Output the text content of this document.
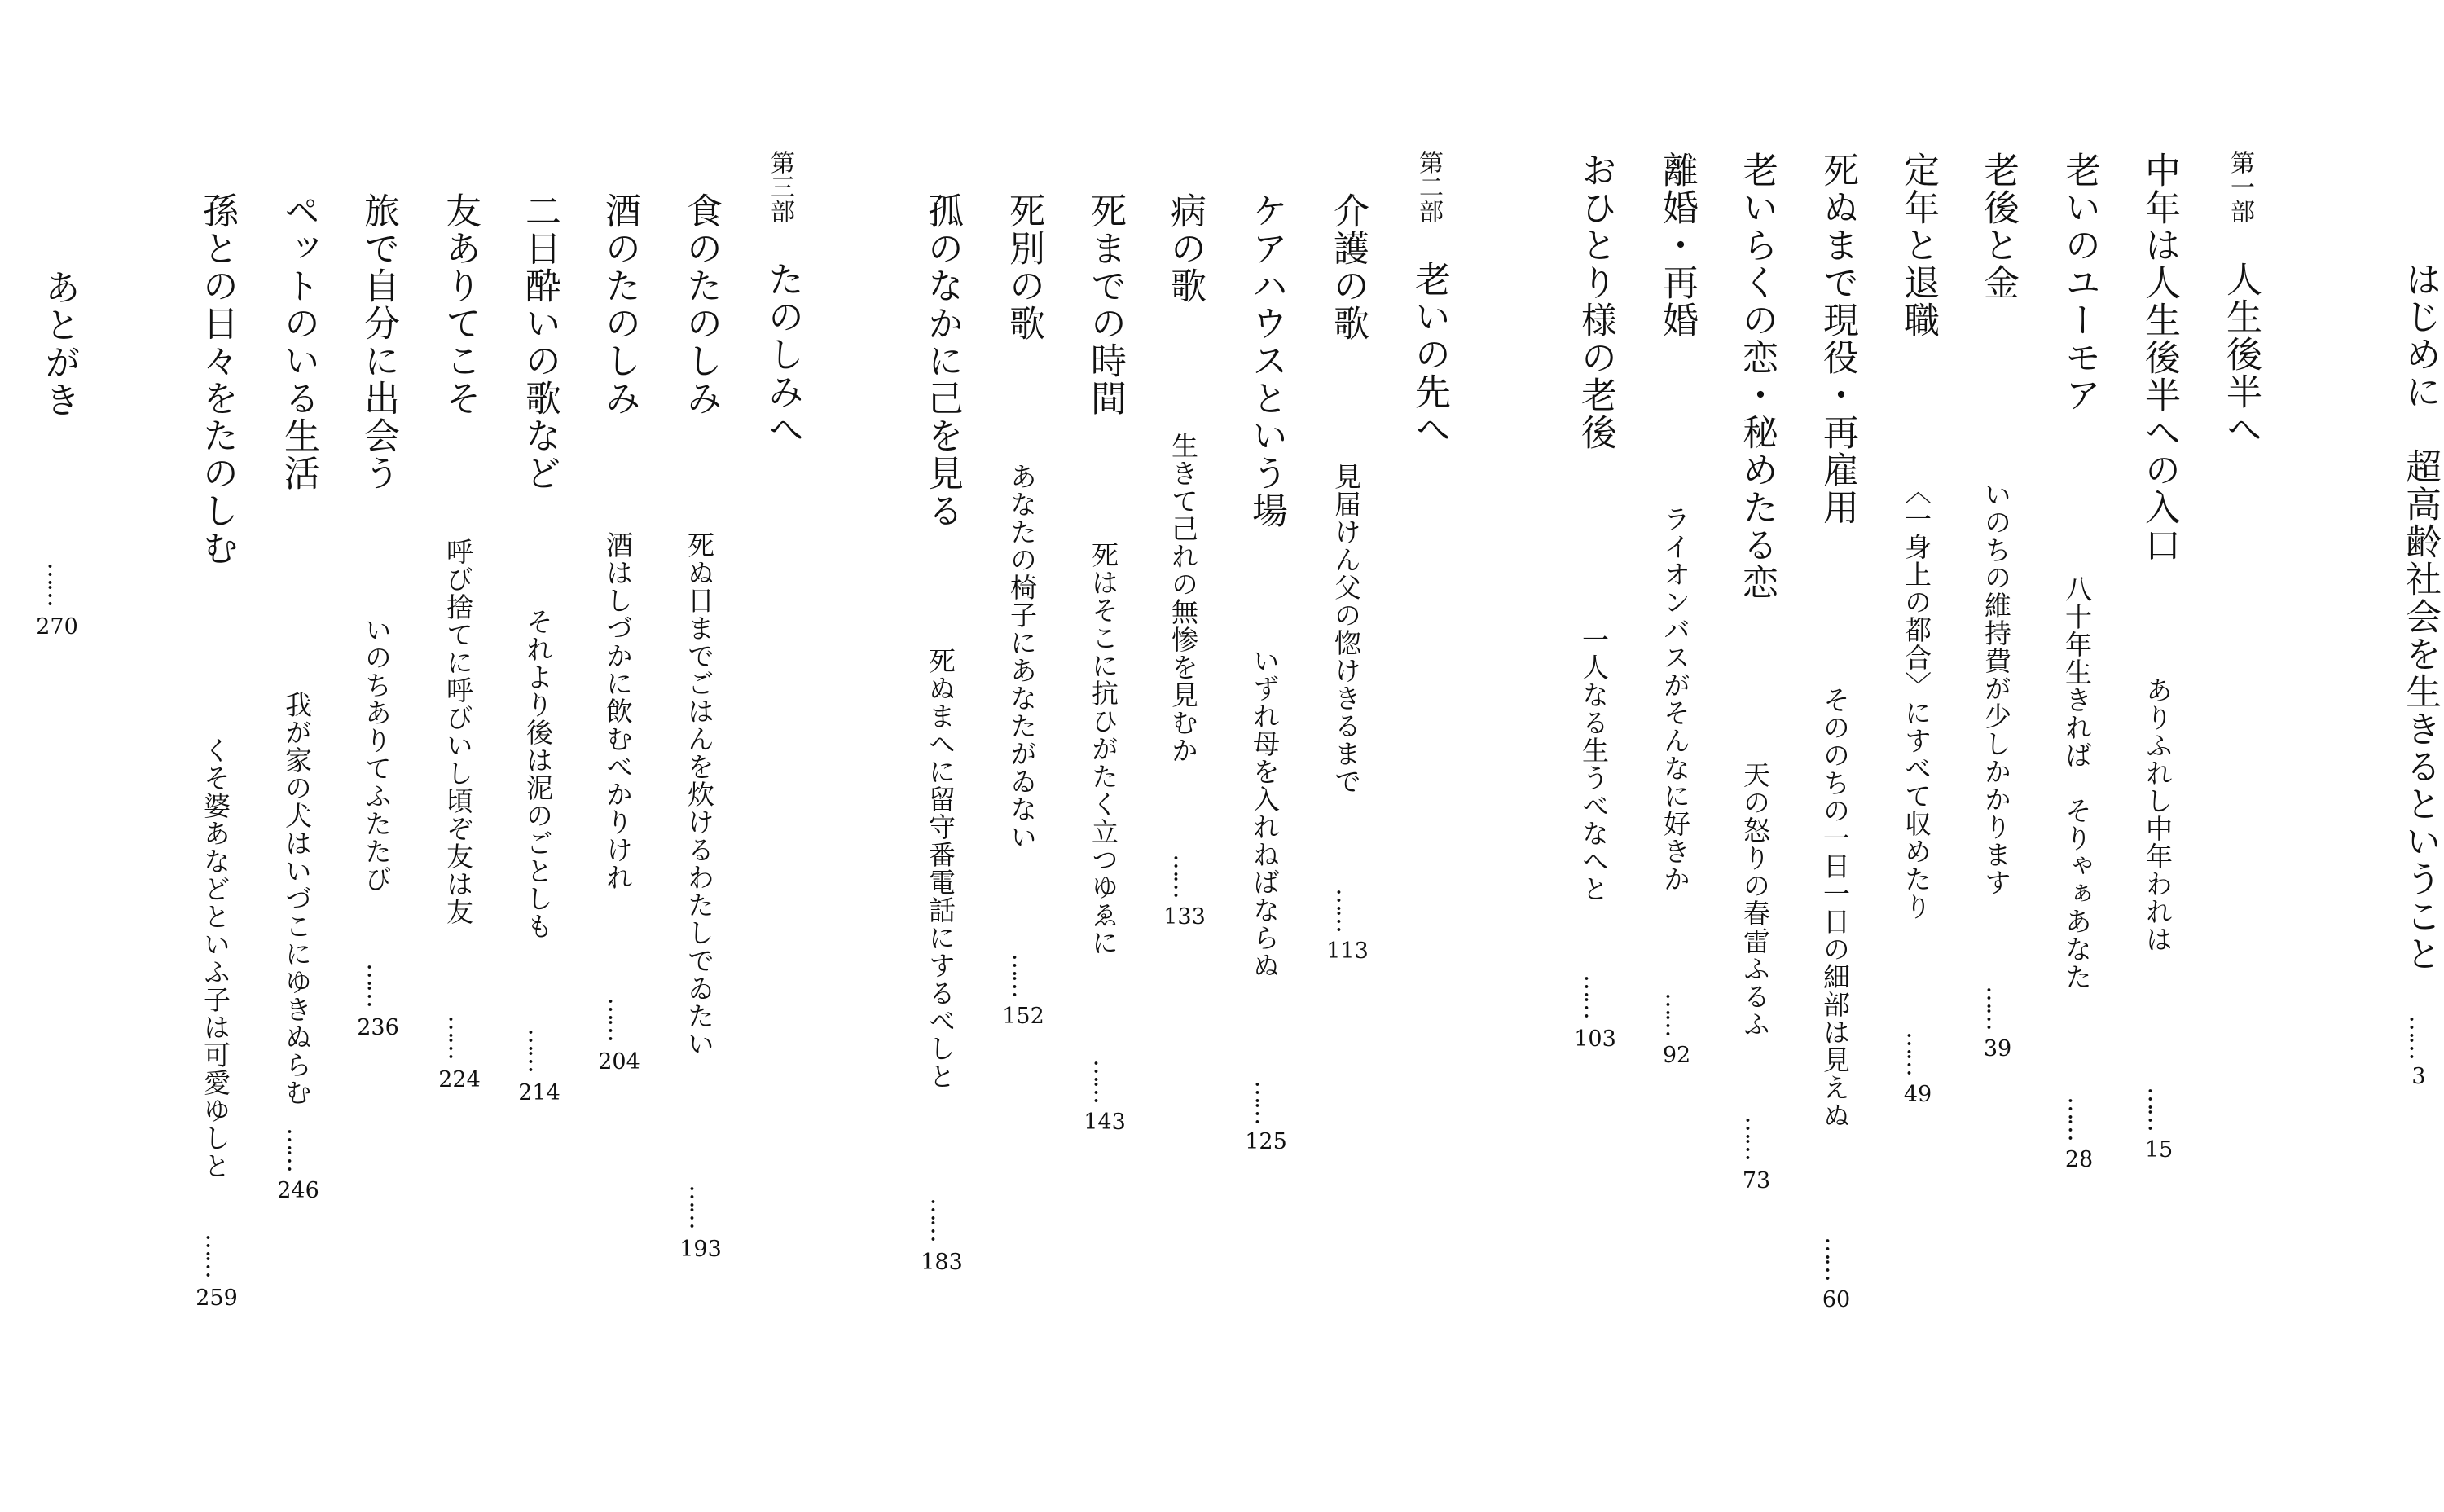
はじめに　超高齢社会を生きるということ
……
3
第一部
人生後半へ
中年は人生後半への入口
ありふれし中年われは
……
15
老いのユーモア
八十年生きれば　そりゃぁあなた
……
28
老後と金
いのちの維持費が少しかかります
……
39
定年と退職
〈一身上の都合〉にすべて収めたり
……
49
死ぬまで現役・再雇用
そののちの一日一日の細部は見えぬ
……
60
老いらくの恋・秘めたる恋
天の怒りの春雷ふるふ
……
73
離婚・再婚
ライオンバスがそんなに好きか
……
92
おひとり様の老後
一人なる生うべなへと
……
103
第二部
老いの先へ
介護の歌
見届けん父の惚けきるまで
……
113
ケアハウスという場
いずれ母を入れねばならぬ
……
125
病の歌
生きて己れの無惨を見むか
……
133
死までの時間
死はそこに抗ひがたく立つゆゑに
……
143
死別の歌
あなたの椅子にあなたがゐない
……
152
孤のなかに己を見る
死ぬまへに留守番電話にするべしと
……
183
第三部
たのしみへ
食のたのしみ
死ぬ日までごはんを炊けるわたしでゐたい
……
193
酒のたのしみ
酒はしづかに飲むべかりけれ
……
204
二日酔いの歌など
それより後は泥のごとしも
……
214
友ありてこそ
呼び捨てに呼びいし頃ぞ友は友
……
224
旅で自分に出会う
いのちありてふたたび
……
236
ペットのいる生活
我が家の犬はいづこにゆきぬらむ
……
246
孫との日々をたのしむ
くそ婆あなどといふ子は可愛ゆしと
……
259
あとがき
……
270
